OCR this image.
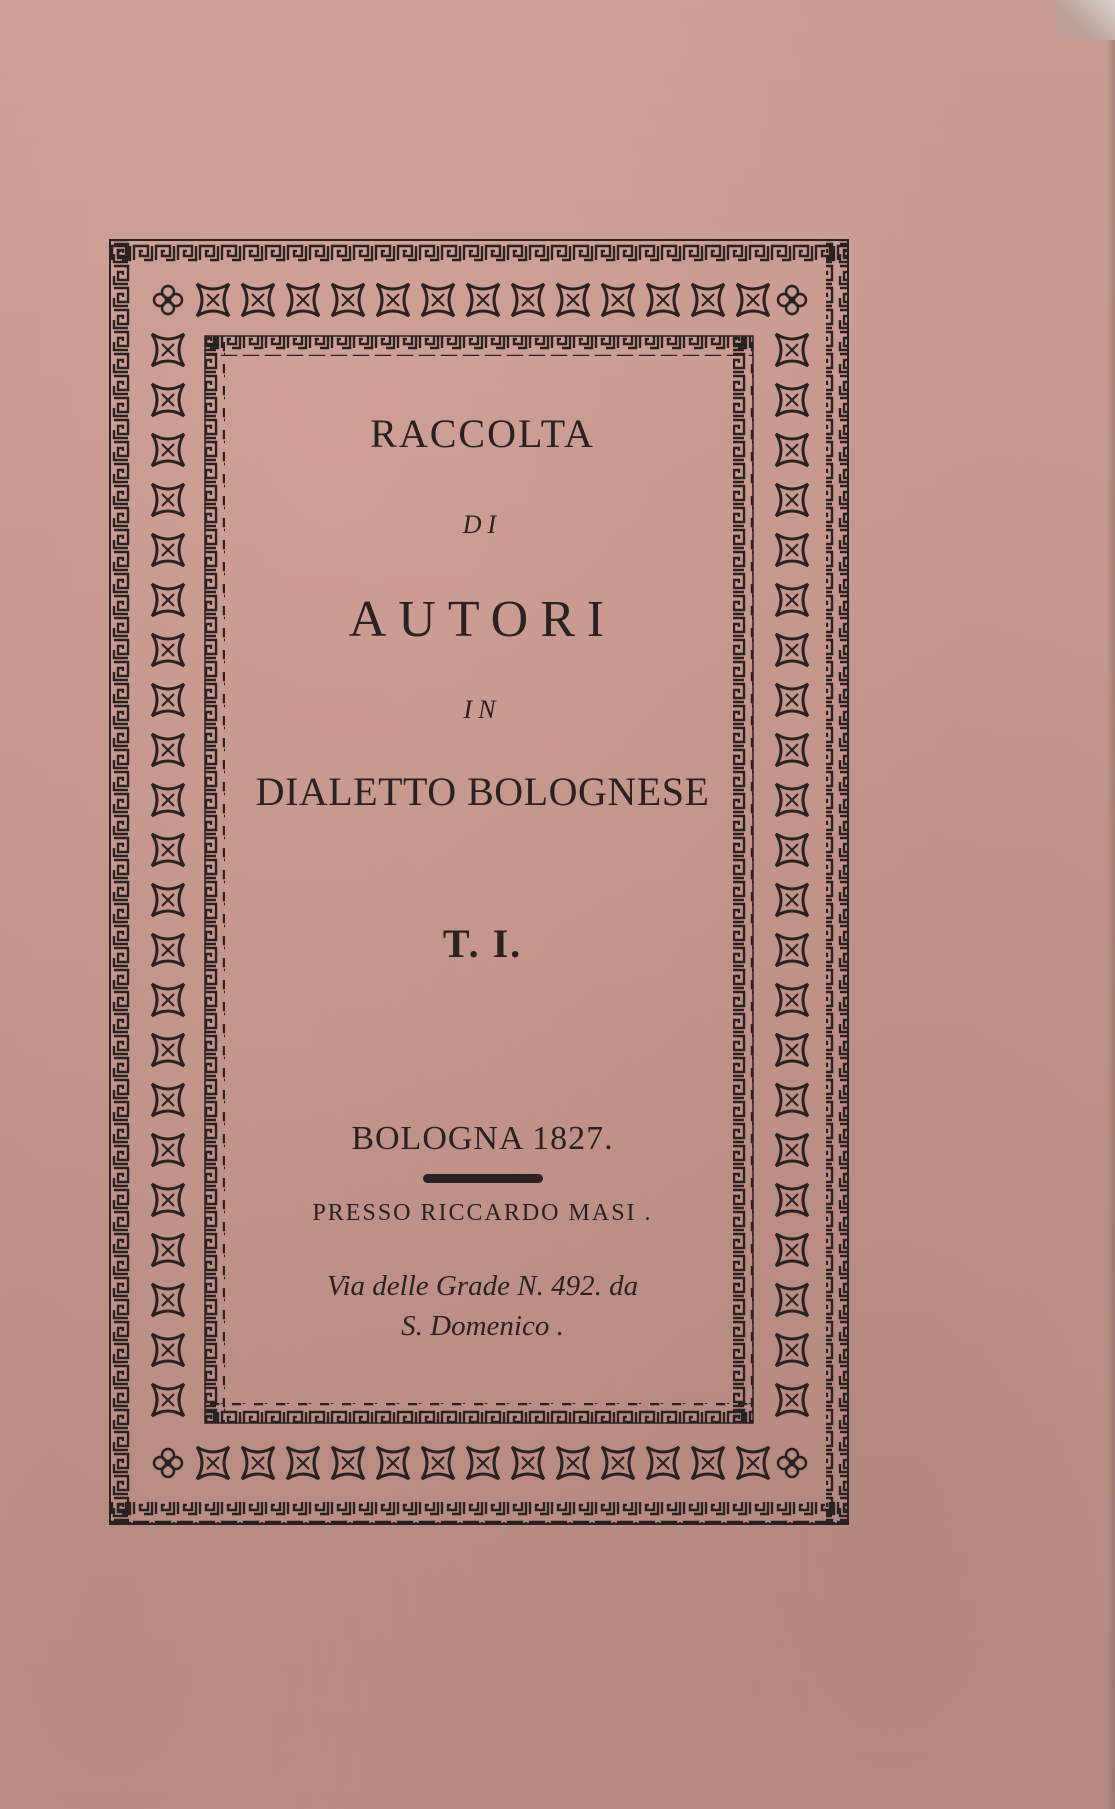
RACCOLTA
DI
AUTORI
IN
DIALETTO BOLOGNESE
T. I.
BOLOGNA 1827.
PRESSO RICCARDO MASI .
Via delle Grade N. 492. da
S. Domenico .
